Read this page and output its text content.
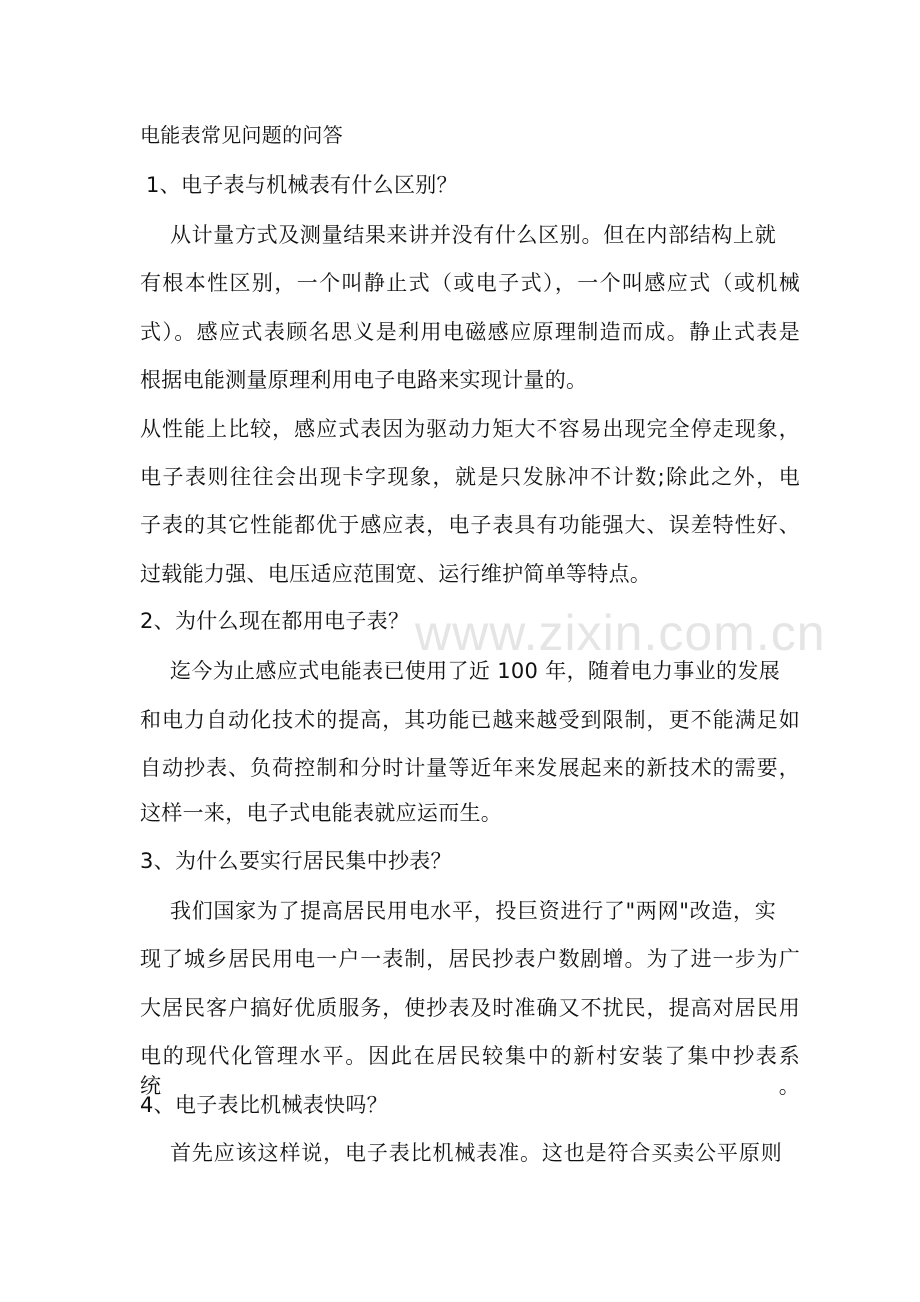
电能表常见问题的问答
1、电子表与机械表有什么区别？
从计量方式及测量结果来讲并没有什么区别。但在内部结构上就
有根本性区别，一个叫静止式（或电子式），一个叫感应式（或机械
式）。感应式表顾名思义是利用电磁感应原理制造而成。静止式表是
根据电能测量原理利用电子电路来实现计量的。
从性能上比较，感应式表因为驱动力矩大不容易出现完全停走现象，
电子表则往往会出现卡字现象，就是只发脉冲不计数;除此之外，电
子表的其它性能都优于感应表，电子表具有功能强大、误差特性好、
过载能力强、电压适应范围宽、运行维护简单等特点。
2、为什么现在都用电子表？
迄今为止感应式电能表已使用了近 100 年，随着电力事业的发展
和电力自动化技术的提高，其功能已越来越受到限制，更不能满足如
自动抄表、负荷控制和分时计量等近年来发展起来的新技术的需要，
这样一来，电子式电能表就应运而生。
3、为什么要实行居民集中抄表？
我们国家为了提高居民用电水平，投巨资进行了"两网"改造，实
现了城乡居民用电一户一表制，居民抄表户数剧增。为了进一步为广
大居民客户搞好优质服务，使抄表及时准确又不扰民，提高对居民用
电的现代化管理水平。因此在居民较集中的新村安装了集中抄表系统。
4、电子表比机械表快吗？
首先应该这样说，电子表比机械表准。这也是符合买卖公平原则
www.zixin.com.cn
